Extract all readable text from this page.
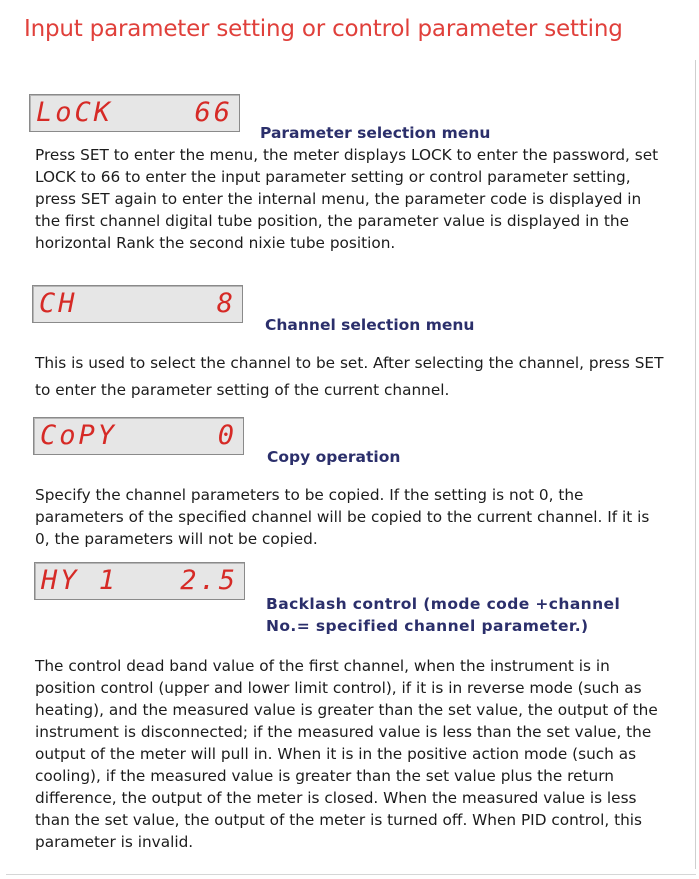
Input parameter setting or control parameter setting
LoCK	66
Parameter selection menu

Press SET to enter the menu, the meter displays LOCK to enter the password, set LOCK to 66 to enter the input parameter setting or control parameter setting, press SET again to enter the internal menu, the parameter code is displayed in the first channel digital tube position, the parameter value is displayed in the horizontal Rank the second nixie tube position.

CH	8
Channel selection menu

This is used to select the channel to be set. After selecting the channel, press SET to enter the parameter setting of the current channel.

CoPY	0
Copy operation

Specify the channel parameters to be copied. If the setting is not 0, the parameters of the specified channel will be copied to the current channel. If it is 0, the parameters will not be copied.

HY 1 2.5
Backlash control (mode code +channel No.= specified channel parameter.)

The control dead band value of the first channel, when the instrument is in position control (upper and lower limit control), if it is in reverse mode (such as heating), and the measured value is greater than the set value, the output of the instrument is disconnected; if the measured value is less than the set value, the output of the meter will pull in. When it is in the positive action mode (such as cooling), if the measured value is greater than the set value plus the return difference, the output of the meter is closed. When the measured value is less than the set value, the output of the meter is turned off. When PID control, this parameter is invalid.
